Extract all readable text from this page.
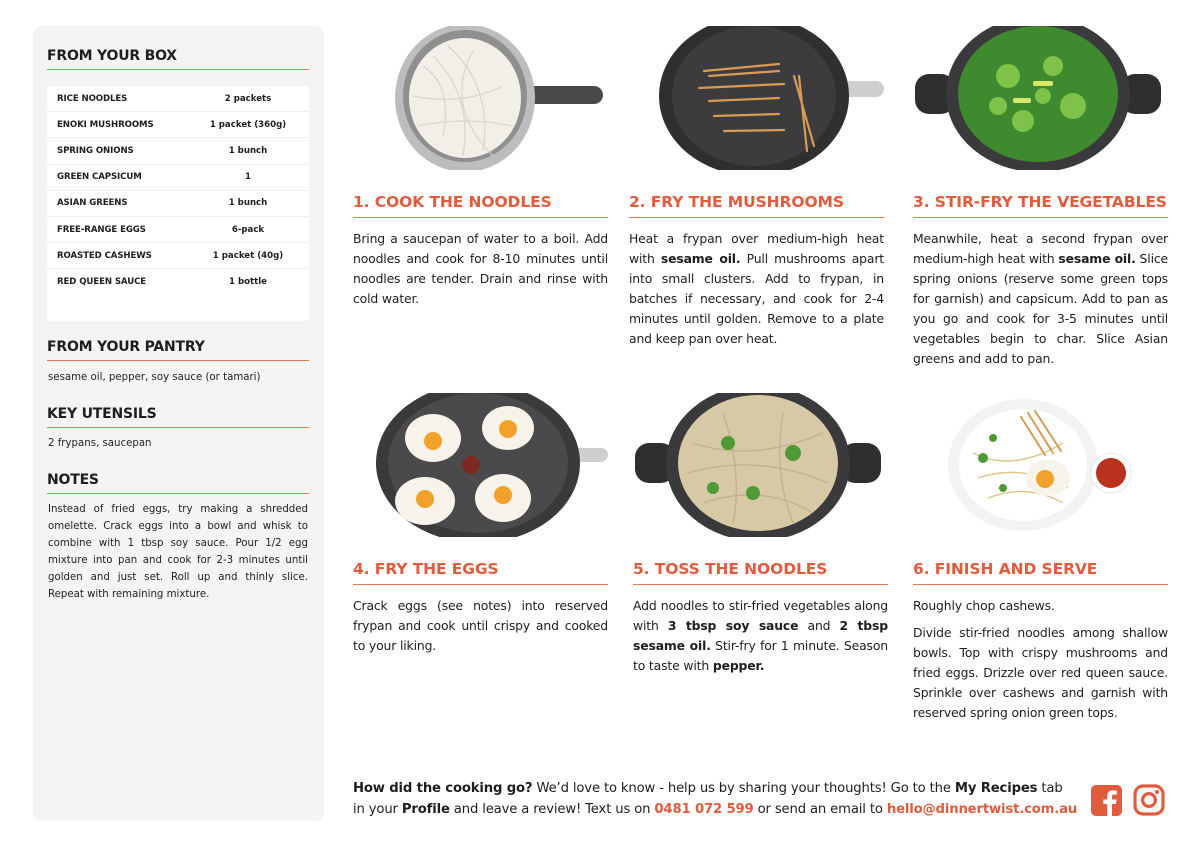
FROM YOUR BOX
RICE NOODLES	2 packets
ENOKI MUSHROOMS	1 packet (360g)
SPRING ONIONS	1 bunch
GREEN CAPSICUM	1
ASIAN GREENS	1 bunch
FREE-RANGE EGGS	6-pack
ROASTED CASHEWS	1 packet (40g)
RED QUEEN SAUCE	1 bottle
FROM YOUR PANTRY
sesame oil, pepper, soy sauce (or tamari)
KEY UTENSILS
2 frypans, saucepan
NOTES
Instead of fried eggs, try making a shredded omelette. Crack eggs into a bowl and whisk to combine with 1 tbsp soy sauce. Pour 1/2 egg mixture into pan and cook for 2-3 minutes until golden and just set. Roll up and thinly slice. Repeat with remaining mixture.
1. COOK THE NOODLES

Bring a saucepan of water to a boil. Add noodles and cook for 8-10 minutes until noodles are tender. Drain and rinse with cold water.

2. FRY THE MUSHROOMS

Heat a frypan over medium-high heat with sesame oil. Pull mushrooms apart into small clusters. Add to frypan, in batches if necessary, and cook for 2-4 minutes until golden. Remove to a plate and keep pan over heat.

3. STIR-FRY THE VEGETABLES

Meanwhile, heat a second frypan over medium-high heat with sesame oil. Slice spring onions (reserve some green tops for garnish) and capsicum. Add to pan as you go and cook for 3-5 minutes until vegetables begin to char. Slice Asian greens and add to pan.

4. FRY THE EGGS

Crack eggs (see notes) into reserved frypan and cook until crispy and cooked to your liking.

5. TOSS THE NOODLES

Add noodles to stir-fried vegetables along with 3 tbsp soy sauce and 2 tbsp sesame oil. Stir-fry for 1 minute. Season to taste with pepper.

6. FINISH AND SERVE

Roughly chop cashews.

Divide stir-fried noodles among shallow bowls. Top with crispy mushrooms and fried eggs. Drizzle over red queen sauce. Sprinkle over cashews and garnish with reserved spring onion green tops.

How did the cooking go? We’d love to know - help us by sharing your thoughts! Go to the My Recipes tab in your Profile and leave a review! Text us on 0481 072 599 or send an email to hello@dinnertwist.com.au
